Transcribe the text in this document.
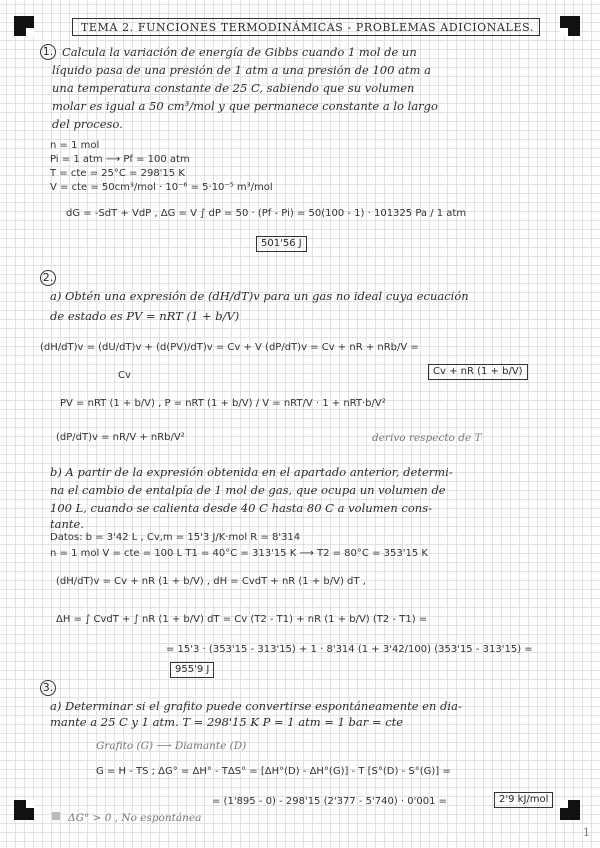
TEMA 2. FUNCIONES TERMODINÁMICAS - PROBLEMAS ADICIONALES.
1. Calcula la variación de energía de Gibbs cuando 1 mol de un
líquido pasa de una presión de 1 atm a una presión de 100 atm a
una temperatura constante de 25 C, sabiendo que su volumen
molar es igual a 50 cm³/mol y que permanece constante a lo largo
del proceso.
n = 1 mol
Pi = 1 atm ⟶ Pf = 100 atm
T = cte = 25°C = 298'15 K
V = cte = 50cm³/mol · 10⁻⁶ = 5·10⁻⁵ m³/mol
dG = -SdT + VdP , ΔG = V ∫ dP = 50 · (Pf - Pi) = 50(100 - 1) · 101325 Pa / 1 atm
501'56 J
2.
a) Obtén una expresión de (dH/dT)v para un gas no ideal cuya ecuación
de estado es PV = nRT (1 + b/V)
(dH/dT)v = (dU/dT)v + (d(PV)/dT)v = Cv + V (dP/dT)v = Cv + nR + nRb/V =
Cv	Cv + nR (1 + b/V)
PV = nRT (1 + b/V) , P = nRT (1 + b/V) / V = nRT/V · 1 + nRT·b/V²
(dP/dT)v = nR/V + nRb/V²	derivo respecto de T
b) A partir de la expresión obtenida en el apartado anterior, determi-
na el cambio de entalpía de 1 mol de gas, que ocupa un volumen de
100 L, cuando se calienta desde 40 C hasta 80 C a volumen cons-
tante.
Datos: b = 3'42 L , Cv,m = 15'3 J/K·mol R = 8'314
n = 1 mol V = cte = 100 L T1 = 40°C = 313'15 K ⟶ T2 = 80°C = 353'15 K
(dH/dT)v = Cv + nR (1 + b/V) , dH = CvdT + nR (1 + b/V) dT ,
ΔH = ∫ CvdT + ∫ nR (1 + b/V) dT = Cv (T2 - T1) + nR (1 + b/V) (T2 - T1) =
= 15'3 · (353'15 - 313'15) + 1 · 8'314 (1 + 3'42/100) (353'15 - 313'15) =
955'9 J
3.
a) Determinar si el grafito puede convertirse espontáneamente en dia-
mante a 25 C y 1 atm. T = 298'15 K P = 1 atm = 1 bar = cte
Grafito (G) ⟶ Diamante (D)
G = H - TS ; ΔG° = ΔH° - TΔS° = [ΔH°(D) - ΔH°(G)] - T [S°(D) - S°(G)] =
= (1'895 - 0) - 298'15 (2'377 - 5'740) · 0'001 =	2'9 kJ/mol
ΔG° > 0 , No espontánea
1
